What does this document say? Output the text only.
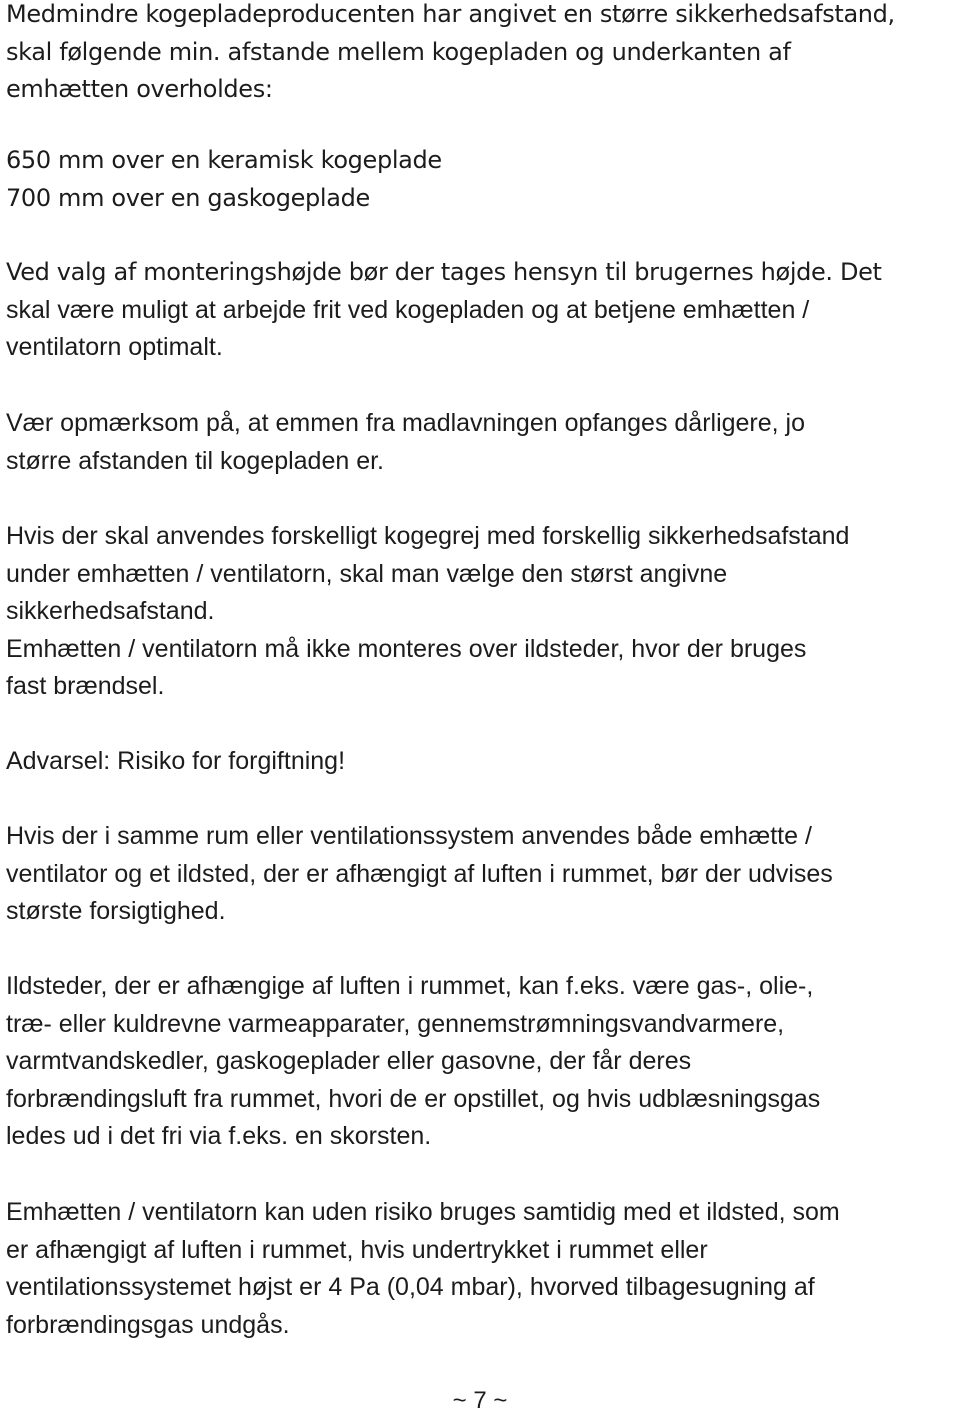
Medmindre kogepladeproducenten har angivet en større sikkerhedsafstand,
skal følgende min. afstande mellem kogepladen og underkanten af
emhætten overholdes:

650 mm over en keramisk kogeplade
700 mm over en gaskogeplade

Ved valg af monteringshøjde bør der tages hensyn til brugernes højde. Det
skal være muligt at arbejde frit ved kogepladen og at betjene emhætten /
ventilatorn optimalt.

Vær opmærksom på, at emmen fra madlavningen opfanges dårligere, jo
større afstanden til kogepladen er.

Hvis der skal anvendes forskelligt kogegrej med forskellig sikkerhedsafstand
under emhætten / ventilatorn, skal man vælge den størst angivne
sikkerhedsafstand.
Emhætten / ventilatorn må ikke monteres over ildsteder, hvor der bruges
fast brændsel.

Advarsel: Risiko for forgiftning!

Hvis der i samme rum eller ventilationssystem anvendes både emhætte /
ventilator og et ildsted, der er afhængigt af luften i rummet, bør der udvises
største forsigtighed.

Ildsteder, der er afhængige af luften i rummet, kan f.eks. være gas-, olie-,
træ- eller kuldrevne varmeapparater, gennemstrømningsvandvarmere,
varmtvandskedler, gaskogeplader eller gasovne, der får deres
forbrændingsluft fra rummet, hvori de er opstillet, og hvis udblæsningsgas
ledes ud i det fri via f.eks. en skorsten.

Emhætten / ventilatorn kan uden risiko bruges samtidig med et ildsted, som
er afhængigt af luften i rummet, hvis undertrykket i rummet eller
ventilationssystemet højst er 4 Pa (0,04 mbar), hvorved tilbagesugning af
forbrændingsgas undgås.

~ 7 ~
